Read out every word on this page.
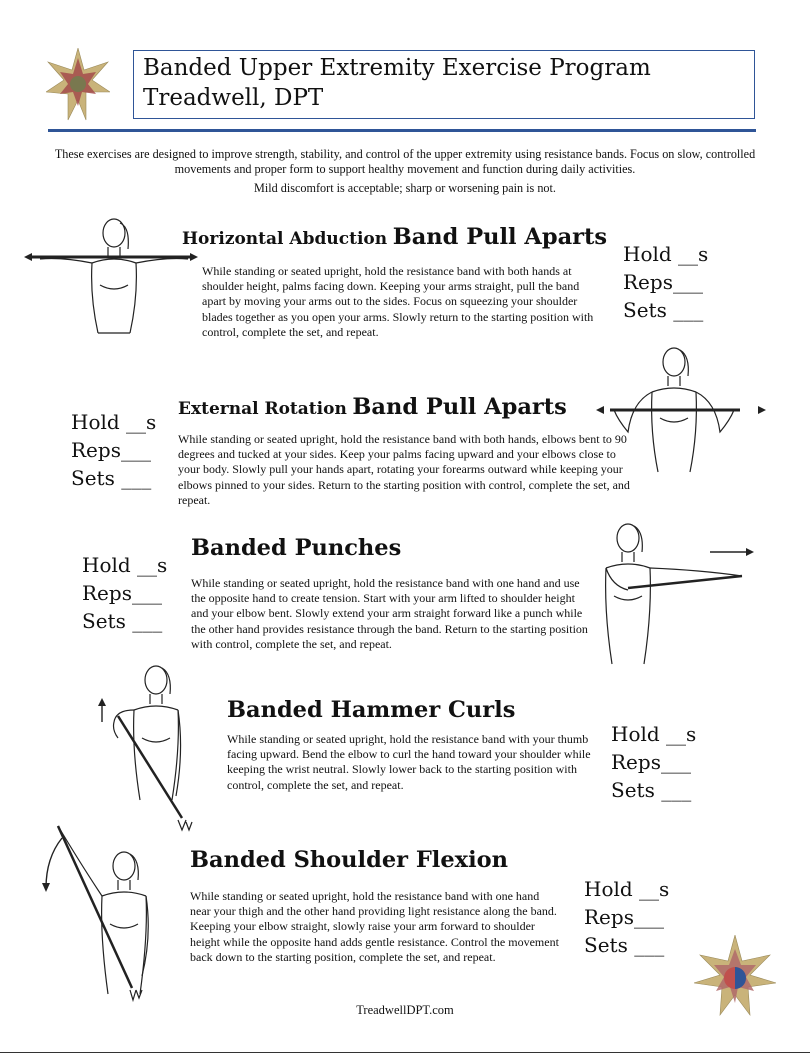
Banded Upper Extremity Exercise Program
Treadwell, DPT
These exercises are designed to improve strength, stability, and control of the upper extremity using resistance bands. Focus on slow, controlled movements and proper form to support healthy movement and function during daily activities.
Mild discomfort is acceptable; sharp or worsening pain is not.
Horizontal Abduction Band Pull Aparts
While standing or seated upright, hold the resistance band with both hands at shoulder height, palms facing down. Keeping your arms straight, pull the band apart by moving your arms out to the sides. Focus on squeezing your shoulder blades together as you open your arms. Slowly return to the starting position with control, complete the set, and repeat.
Hold __s
Reps___
Sets ___
External Rotation Band Pull Aparts
While standing or seated upright, hold the resistance band with both hands, elbows bent to 90 degrees and tucked at your sides. Keep your palms facing upward and your elbows close to your body. Slowly pull your hands apart, rotating your forearms outward while keeping your elbows pinned to your sides. Return to the starting position with control, complete the set, and repeat.
Hold __s
Reps___
Sets ___
Banded Punches
While standing or seated upright, hold the resistance band with one hand and use the opposite hand to create tension. Start with your arm lifted to shoulder height and your elbow bent. Slowly extend your arm straight forward like a punch while the other hand provides resistance through the band. Return to the starting position with control, complete the set, and repeat.
Hold __s
Reps___
Sets ___
Banded Hammer Curls
While standing or seated upright, hold the resistance band with your thumb facing upward. Bend the elbow to curl the hand toward your shoulder while keeping the wrist neutral. Slowly lower back to the starting position with control, complete the set, and repeat.
Hold __s
Reps___
Sets ___
Banded Shoulder Flexion
While standing or seated upright, hold the resistance band with one hand near your thigh and the other hand providing light resistance along the band. Keeping your elbow straight, slowly raise your arm forward to shoulder height while the opposite hand adds gentle resistance. Control the movement back down to the starting position, complete the set, and repeat.
Hold __s
Reps___
Sets ___
TreadwellDPT.com
